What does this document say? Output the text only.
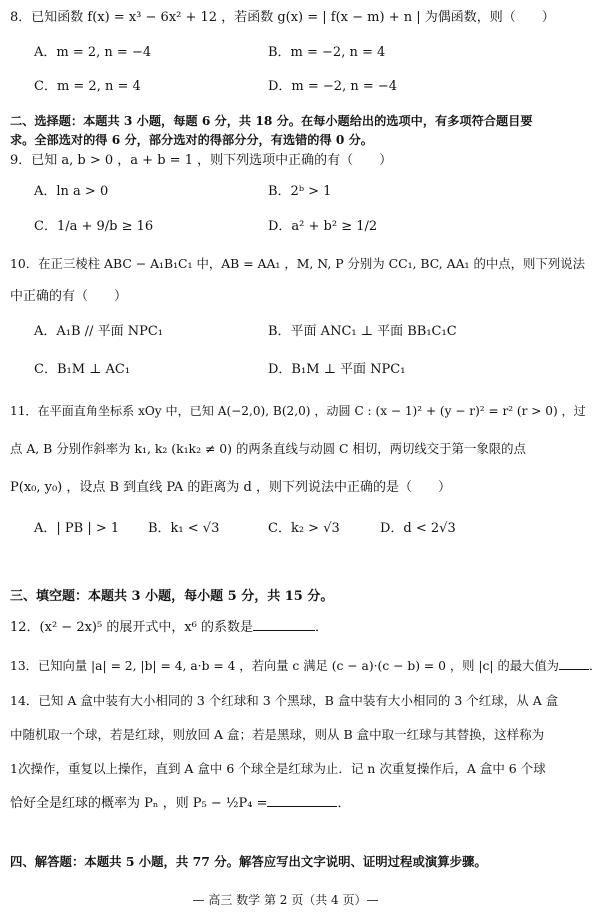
8．已知函数 f(x) = x³ − 6x² + 12 ，若函数 g(x) = | f(x − m) + n | 为偶函数，则（　　）
A．m = 2, n = −4	B．m = −2, n = 4
C．m = 2, n = 4	D．m = −2, n = −4
二、选择题：本题共 3 小题，每题 6 分，共 18 分。在每小题给出的选项中，有多项符合题目要
求。全部选对的得 6 分，部分选对的得部分分，有选错的得 0 分。
9．已知 a, b > 0 ，a + b = 1 ，则下列选项中正确的有（　　）
A．ln a > 0	B．2ᵇ > 1
C．1/a + 9/b ≥ 16	D．a² + b² ≥ 1/2
10．在正三棱柱 ABC − A₁B₁C₁ 中，AB = AA₁ ，M, N, P 分别为 CC₁, BC, AA₁ 的中点，则下列说法
中正确的有（　　）
A．A₁B // 平面 NPC₁	B．平面 ANC₁ ⊥ 平面 BB₁C₁C
C．B₁M ⊥ AC₁	D．B₁M ⊥ 平面 NPC₁
11．在平面直角坐标系 xOy 中，已知 A(−2,0), B(2,0) ，动圆 C : (x − 1)² + (y − r)² = r² (r > 0) ，过
点 A, B 分别作斜率为 k₁, k₂ (k₁k₂ ≠ 0) 的两条直线与动圆 C 相切，两切线交于第一象限的点
P(x₀, y₀) ，设点 B 到直线 PA 的距离为 d ，则下列说法中正确的是（　　）
A．| PB | > 1 B．k₁ < √3	C．k₂ > √3	D．d < 2√3
三、填空题：本题共 3 小题，每小题 5 分，共 15 分。
12．(x² − 2x)⁵ 的展开式中，x⁶ 的系数是	．
13．已知向量 |a| = 2, |b| = 4, a·b = 4 ，若向量 c 满足 (c − a)·(c − b) = 0 ，则 |c| 的最大值为 ．
14．已知 A 盒中装有大小相同的 3 个红球和 3 个黑球，B 盒中装有大小相同的 3 个红球，从 A 盒
中随机取一个球，若是红球，则放回 A 盒；若是黑球，则从 B 盒中取一红球与其替换，这样称为
1次操作，重复以上操作，直到 A 盒中 6 个球全是红球为止．记 n 次重复操作后，A 盒中 6 个球
恰好全是红球的概率为 Pₙ ，则 P₅ − ½P₄ =	．
四、解答题：本题共 5 小题，共 77 分。解答应写出文字说明、证明过程或演算步骤。
— 高三 数学 第 2 页（共 4 页）—
